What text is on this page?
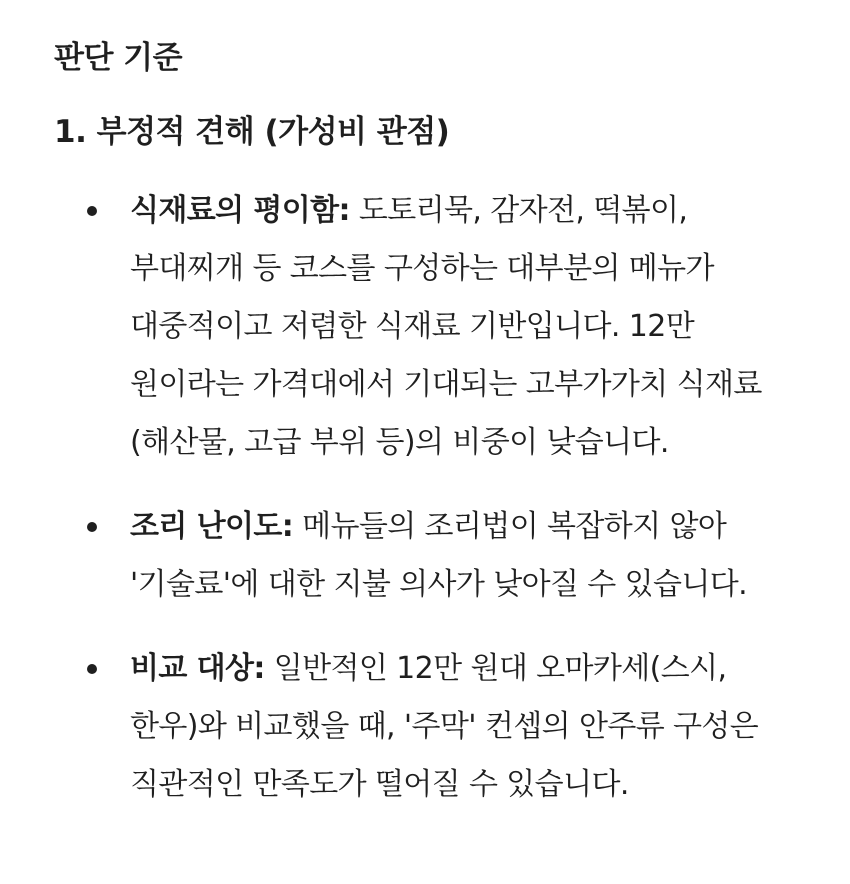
판단 기준
1. 부정적 견해 (가성비 관점)
식재료의 평이함: 도토리묵, 감자전, 떡볶이, 부대찌개 등 코스를 구성하는 대부분의 메뉴가 대중적이고 저렴한 식재료 기반입니다. 12만 원이라는 가격대에서 기대되는 고부가가치 식재료(해산물, 고급 부위 등)의 비중이 낮습니다.
조리 난이도: 메뉴들의 조리법이 복잡하지 않아 '기술료'에 대한 지불 의사가 낮아질 수 있습니다.
비교 대상: 일반적인 12만 원대 오마카세(스시, 한우)와 비교했을 때, '주막' 컨셉의 안주류 구성은 직관적인 만족도가 떨어질 수 있습니다.
